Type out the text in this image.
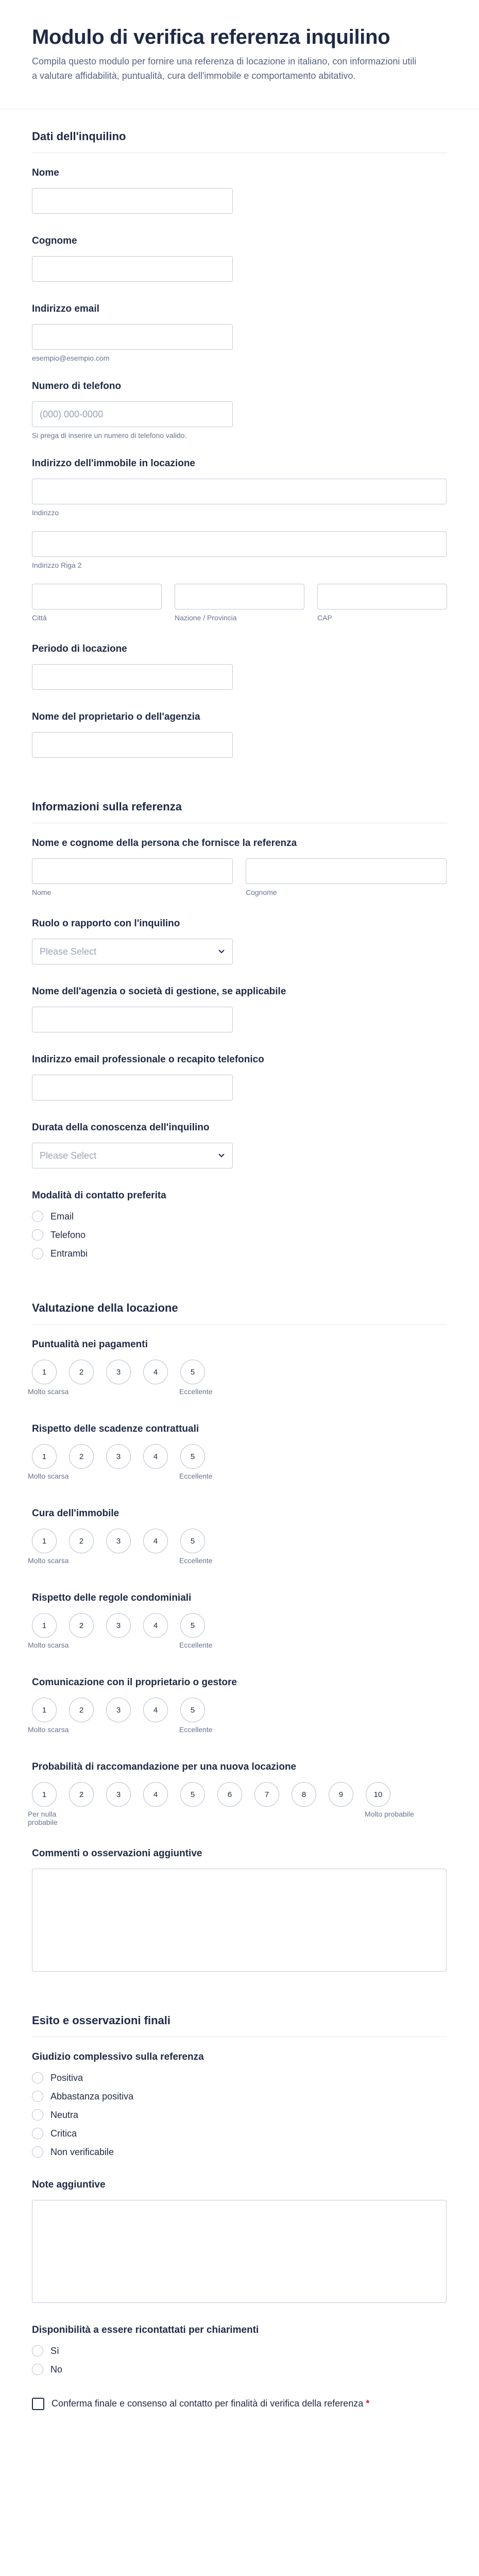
Modulo di verifica referenza inquilino

Compila questo modulo per fornire una referenza di locazione in italiano, con informazioni utili a valutare affidabilità, puntualità, cura dell'immobile e comportamento abitativo.

Dati dell'inquilino
Nome
Cognome
Indirizzo email
esempio@esempio.com
Numero di telefono
(000) 000-0000
Si prega di inserire un numero di telefono valido.
Indirizzo dell'immobile in locazione
Indirizzo
Indirizzo Riga 2
Città	Nazione / Provincia	CAP
Periodo di locazione
Nome del proprietario o dell'agenzia
Informazioni sulla referenza
Nome e cognome della persona che fornisce la referenza
Nome	Cognome
Ruolo o rapporto con l'inquilino
Please Select
Nome dell'agenzia o società di gestione, se applicabile
Indirizzo email professionale o recapito telefonico
Durata della conoscenza dell'inquilino
Please Select
Modalità di contatto preferita
Email
Telefono
Entrambi
Valutazione della locazione
Puntualità nei pagamenti
1	2	3	4	5
Molto scarsa	Eccellente
Rispetto delle scadenze contrattuali
1	2	3	4	5
Molto scarsa	Eccellente
Cura dell'immobile
1	2	3	4	5
Molto scarsa	Eccellente
Rispetto delle regole condominiali
1	2	3	4	5
Molto scarsa	Eccellente
Comunicazione con il proprietario o gestore
1	2	3	4	5
Molto scarsa	Eccellente
Probabilità di raccomandazione per una nuova locazione
1	2	3	4	5	6	7	8	9	10
Per nulla probabile
Molto probabile
Commenti o osservazioni aggiuntive
Esito e osservazioni finali
Giudizio complessivo sulla referenza
Positiva
Abbastanza positiva
Neutra
Critica
Non verificabile
Note aggiuntive
Disponibilità a essere ricontattati per chiarimenti
Sì
No
Conferma finale e consenso al contatto per finalità di verifica della referenza *
